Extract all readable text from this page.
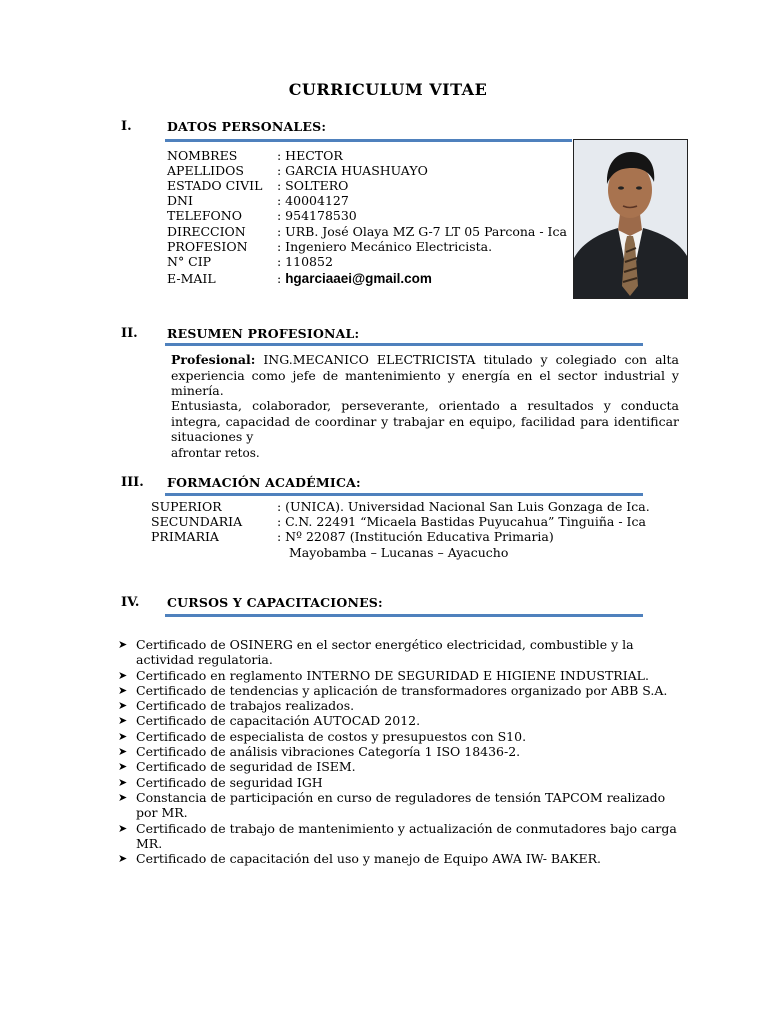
CURRICULUM VITAE
I.	DATOS PERSONALES:
NOMBRES	: HECTOR
APELLIDOS	: GARCIA HUASHUAYO
ESTADO CIVIL : SOLTERO
DNI	: 40004127
TELEFONO	: 954178530
DIRECCION	: URB. José Olaya MZ G-7 LT 05 Parcona - Ica
PROFESION : Ingeniero Mecánico Electricista.
N° CIP	: 110852
E-MAIL	: hgarciaaei@gmail.com
II. RESUMEN PROFESIONAL:
Profesional: ING.MECANICO ELECTRICISTA titulado y colegiado con alta experiencia como jefe de mantenimiento y energía en el sector industrial y minería.
Entusiasta, colaborador, perseverante, orientado a resultados y conducta integra, capacidad de coordinar y trabajar en equipo, facilidad para identificar situaciones y
afrontar retos.
III. FORMACIÓN ACADÉMICA:
SUPERIOR	: (UNICA). Universidad Nacional San Luis Gonzaga de Ica.
SECUNDARIA	: C.N. 22491 “Micaela Bastidas Puyucahua” Tinguiña - Ica
PRIMARIA	: Nº 22087 (Institución Educativa Primaria)
Mayobamba – Lucanas – Ayacucho
IV. CURSOS Y CAPACITACIONES:
➤ Certificado de OSINERG en el sector energético electricidad, combustible y la actividad regulatoria.
➤ Certificado en reglamento INTERNO DE SEGURIDAD E HIGIENE INDUSTRIAL.
➤ Certificado de tendencias y aplicación de transformadores organizado por ABB S.A.
➤ Certificado de trabajos realizados.
➤ Certificado de capacitación AUTOCAD 2012.
➤ Certificado de especialista de costos y presupuestos con S10.
➤ Certificado de análisis vibraciones Categoría 1 ISO 18436-2.
➤ Certificado de seguridad de ISEM.
➤ Certificado de seguridad IGH
➤ Constancia de participación en curso de reguladores de tensión TAPCOM realizado por MR.
➤ Certificado de trabajo de mantenimiento y actualización de conmutadores bajo carga MR.
➤ Certificado de capacitación del uso y manejo de Equipo AWA IW- BAKER.
